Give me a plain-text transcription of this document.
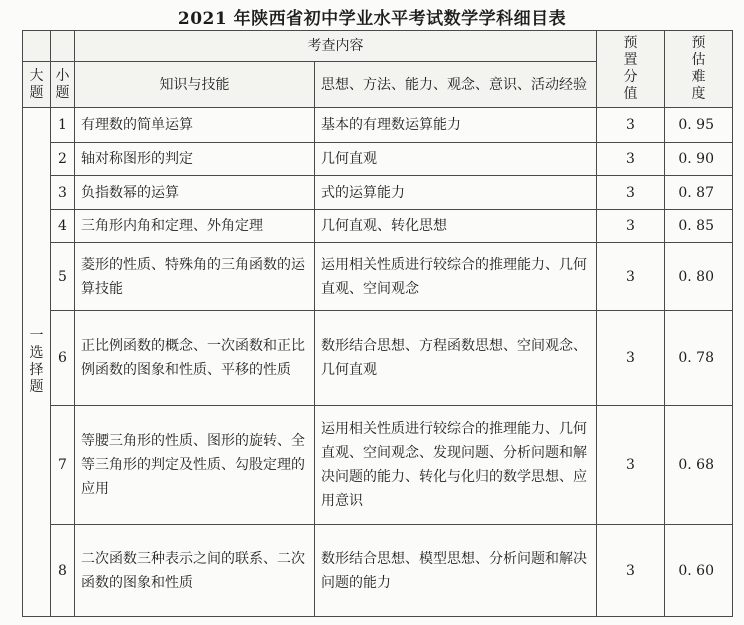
2021 年陕西省初中学业水平考试数学学科细目表
		考查内容		预置分值	预估难度
大题	小题	知识与技能	思想、方法、能力、观念、意识、活动经验		
一选择题	1	有理数的简单运算	基本的有理数运算能力	3	0. 95
	2	轴对称图形的判定	几何直观	3	0. 90
	3	负指数幂的运算	式的运算能力	3	0. 87
	4	三角形内角和定理、外角定理	几何直观、转化思想	3	0. 85
	5	菱形的性质、特殊角的三角函数的运算技能	运用相关性质进行较综合的推理能力、几何直观、空间观念	3	0. 80
	6	正比例函数的概念、一次函数和正比例函数的图象和性质、平移的性质	数形结合思想、方程函数思想、空间观念、几何直观	3	0. 78
	7	等腰三角形的性质、图形的旋转、全等三角形的判定及性质、勾股定理的应用	运用相关性质进行较综合的推理能力、几何直观、空间观念、发现问题、分析问题和解决问题的能力、转化与化归的数学思想、应用意识	3	0. 68
	8	二次函数三种表示之间的联系、二次函数的图象和性质	数形结合思想、模型思想、分析问题和解决问题的能力	3	0. 60
